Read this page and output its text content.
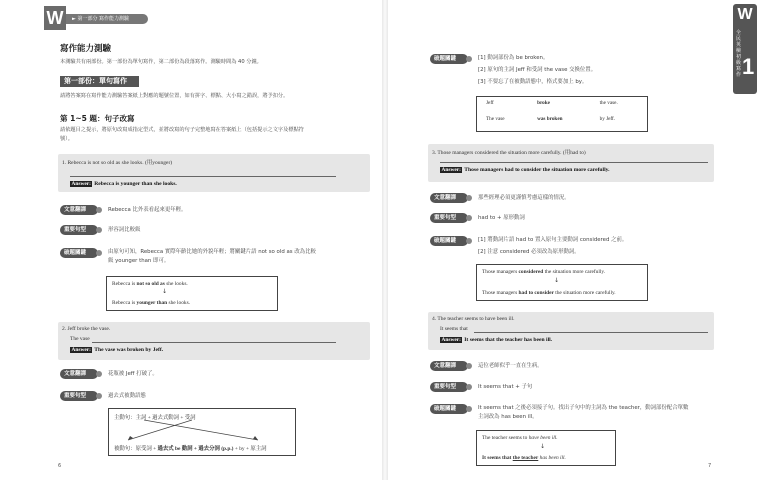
W	► 第一部分 寫作能力測驗	W
全民英檢初級寫作 1
寫作能力測驗
本測驗共有兩部份。第一部份為單句寫作，第二部份為段落寫作。測驗時間為 40 分鐘。
第一部份：單句寫作
請將答案寫在寫作能力測驗答案紙上對應的題號位置，如有拼字、標點、大小寫之錯誤，將予扣分。
第 1~5 題：句子改寫
請依題目之提示，將原句改寫成指定型式，並將改寫的句子完整地寫在答案紙上（包括提示之文字及標點符
號）。
1. Rebecca is not so old as she looks. (用younger)
Answer: Rebecca is younger than she looks.
文意翻譯	Rebecca 比外表看起來更年輕。
重要句型	形容詞比較級
破題關鍵	由原句可知，Rebecca 實際年齡比她的外貌年輕；將關鍵片語 not so old as 改為比較
級 younger than 即可。
Rebecca is not so old as she looks.
↓
Rebecca is younger than she looks.
2. Jeff broke the vase.
The vase
Answer: The vase was broken by Jeff.
文意翻譯	花瓶被 Jeff 打破了。
重要句型	過去式被動語態
主動句：主詞 + 過去式動詞 + 受詞
被動句：原受詞 + 過去式 be 動詞 + 過去分詞 (p.p.) + by + 原主詞
6
破題關鍵	[1] 動詞部份為 be broken。
[2] 原句的主詞 Jeff 和受詞 the vase 交換位置。
[3] 不要忘了在被動語態中，格式要加上 by。
Jeff	broke	the vase.

The vase	was broken	by Jeff.
3. Those managers considered the situation more carefully. (用had to)
Answer: Those managers had to consider the situation more carefully.
文意翻譯	那些經理必須更謹慎考慮這樣的情況。
重要句型	had to + 原形動詞
破題關鍵	[1] 將動詞片語 had to 置入原句主要動詞 considered 之前。
[2] 注意 considered 必須改為原形動詞。
Those managers considered the situation more carefully.
↓
Those managers had to consider the situation more carefully.
4. The teacher seems to have been ill.
It seems that
Answer: It seems that the teacher has been ill.
文意翻譯	這位老師似乎一直在生病。
重要句型	It seems that + 子句
破題關鍵	It seems that 之後必須接子句。找出子句中的主詞為 the teacher，動詞部份配合單數
主詞改為 has been ill。
The teacher seems to have been ill.
↓
It seems that the teacher has been ill.
7
